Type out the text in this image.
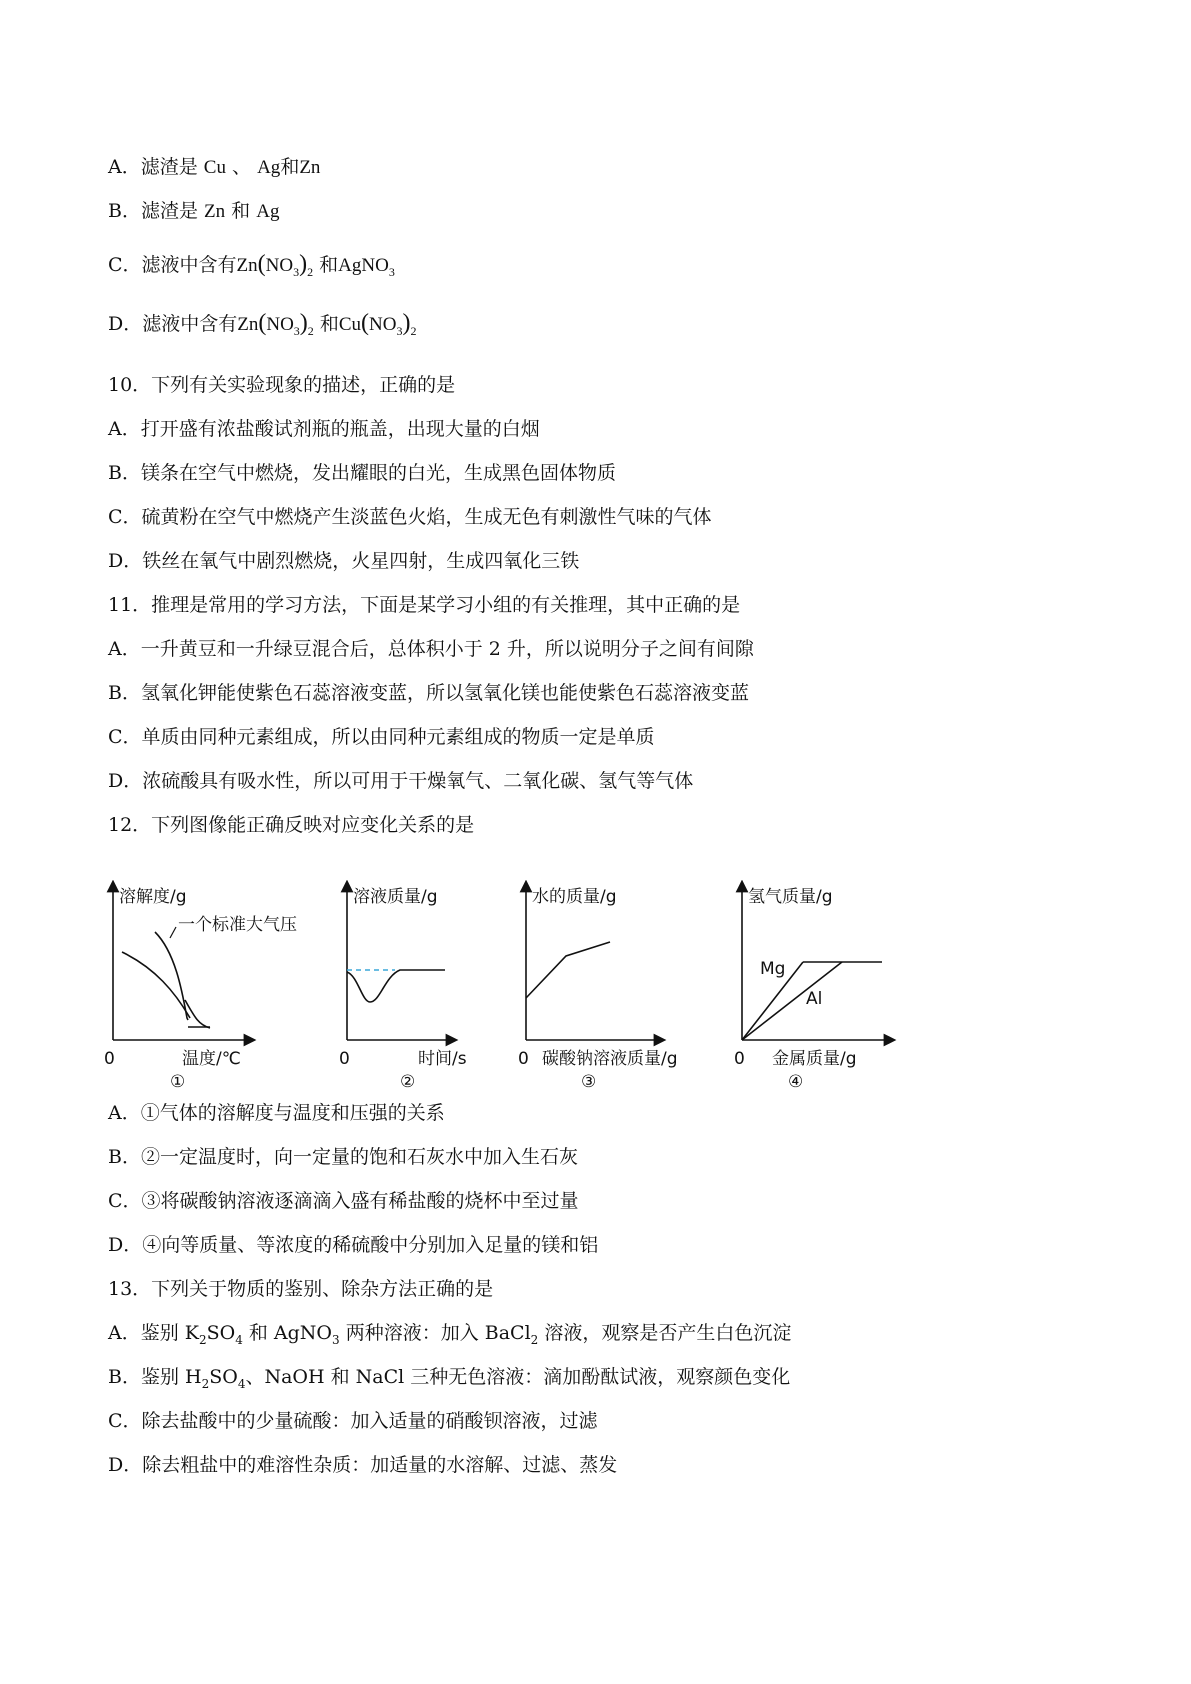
A．滤渣是 Cu 、 Ag和Zn
B．滤渣是 Zn 和 Ag
C．滤液中含有$Zn(NO_3)_2$ 和AgNO$_3$
D．滤液中含有$Zn(NO_3)_2$ 和$Cu(NO_3)_2$
10．下列有关实验现象的描述，正确的是
A．打开盛有浓盐酸试剂瓶的瓶盖，出现大量的白烟
B．镁条在空气中燃烧，发出耀眼的白光，生成黑色固体物质
C．硫黄粉在空气中燃烧产生淡蓝色火焰，生成无色有刺激性气味的气体
D．铁丝在氧气中剧烈燃烧，火星四射，生成四氧化三铁
11．推理是常用的学习方法，下面是某学习小组的有关推理，其中正确的是
A．一升黄豆和一升绿豆混合后，总体积小于 2 升，所以说明分子之间有间隙
B．氢氧化钾能使紫色石蕊溶液变蓝，所以氢氧化镁也能使紫色石蕊溶液变蓝
C．单质由同种元素组成，所以由同种元素组成的物质一定是单质
D．浓硫酸具有吸水性，所以可用于干燥氧气、二氧化碳、氢气等气体
12．下列图像能正确反映对应变化关系的是
溶解度/g
一个标准大气压
0	温度/℃
①
溶液质量/g
0	时间/s
②
水的质量/g
0 碳酸钠溶液质量/g
③
氢气质量/g
Mg
Al
0 金属质量/g
④
A．①气体的溶解度与温度和压强的关系
B．②一定温度时，向一定量的饱和石灰水中加入生石灰
C．③将碳酸钠溶液逐滴滴入盛有稀盐酸的烧杯中至过量
D．④向等质量、等浓度的稀硫酸中分别加入足量的镁和铝
13．下列关于物质的鉴别、除杂方法正确的是
A．鉴别 $K_2SO_4$ 和 AgNO$_3$ 两种溶液：加入 BaCl$_2$ 溶液，观察是否产生白色沉淀
B．鉴别 $H_2SO_4$、NaOH 和 NaCl 三种无色溶液：滴加酚酞试液，观察颜色变化
C．除去盐酸中的少量硫酸：加入适量的硝酸钡溶液，过滤
D．除去粗盐中的难溶性杂质：加适量的水溶解、过滤、蒸发
